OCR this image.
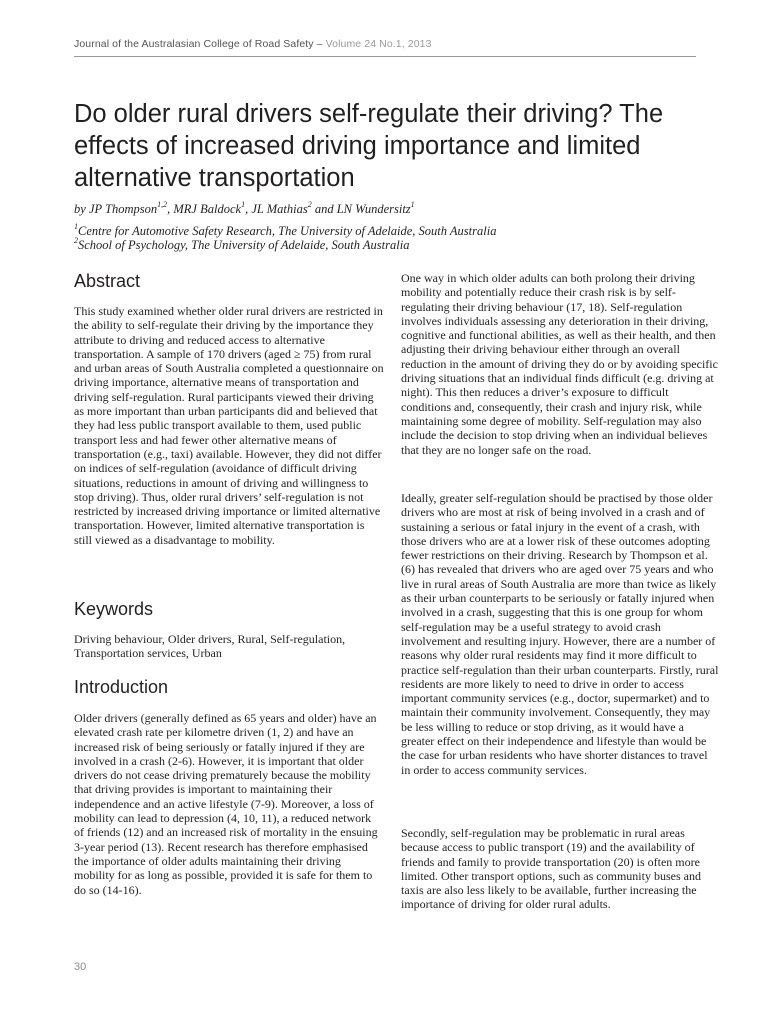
Journal of the Australasian College of Road Safety – Volume 24 No.1, 2013
Do older rural drivers self-regulate their driving? The effects of increased driving importance and limited alternative transportation
by JP Thompson$^{1,2}$, MRJ Baldock$^1$, JL Mathias$^2$ and LN Wundersitz$^1$
$^1$Centre for Automotive Safety Research, The University of Adelaide, South Australia
$^2$School of Psychology, The University of Adelaide, South Australia
Abstract

This study examined whether older rural drivers are restricted in the ability to self-regulate their driving by the importance they attribute to driving and reduced access to alternative transportation. A sample of 170 drivers (aged ≥ 75) from rural and urban areas of South Australia completed a questionnaire on driving importance, alternative means of transportation and driving self-regulation. Rural participants viewed their driving as more important than urban participants did and believed that they had less public transport available to them, used public transport less and had fewer other alternative means of transportation (e.g., taxi) available. However, they did not differ on indices of self-regulation (avoidance of difficult driving situations, reductions in amount of driving and willingness to stop driving). Thus, older rural drivers’ self-regulation is not restricted by increased driving importance or limited alternative transportation. However, limited alternative transportation is still viewed as a disadvantage to mobility.

Keywords

Driving behaviour, Older drivers, Rural, Self-regulation, Transportation services, Urban

Introduction

Older drivers (generally defined as 65 years and older) have an elevated crash rate per kilometre driven (1, 2) and have an increased risk of being seriously or fatally injured if they are involved in a crash (2-6). However, it is important that older drivers do not cease driving prematurely because the mobility that driving provides is important to maintaining their independence and an active lifestyle (7-9). Moreover, a loss of mobility can lead to depression (4, 10, 11), a reduced network of friends (12) and an increased risk of mortality in the ensuing 3-year period (13). Recent research has therefore emphasised the importance of older adults maintaining their driving mobility for as long as possible, provided it is safe for them to do so (14-16).

One way in which older adults can both prolong their driving mobility and potentially reduce their crash risk is by self-regulating their driving behaviour (17, 18). Self-regulation involves individuals assessing any deterioration in their driving, cognitive and functional abilities, as well as their health, and then adjusting their driving behaviour either through an overall reduction in the amount of driving they do or by avoiding specific driving situations that an individual finds difficult (e.g. driving at night). This then reduces a driver’s exposure to difficult conditions and, consequently, their crash and injury risk, while maintaining some degree of mobility. Self-regulation may also include the decision to stop driving when an individual believes that they are no longer safe on the road.

Ideally, greater self-regulation should be practised by those older drivers who are most at risk of being involved in a crash and of sustaining a serious or fatal injury in the event of a crash, with those drivers who are at a lower risk of these outcomes adopting fewer restrictions on their driving. Research by Thompson et al. (6) has revealed that drivers who are aged over 75 years and who live in rural areas of South Australia are more than twice as likely as their urban counterparts to be seriously or fatally injured when involved in a crash, suggesting that this is one group for whom self-regulation may be a useful strategy to avoid crash involvement and resulting injury. However, there are a number of reasons why older rural residents may find it more difficult to practice self-regulation than their urban counterparts. Firstly, rural residents are more likely to need to drive in order to access important community services (e.g., doctor, supermarket) and to maintain their community involvement. Consequently, they may be less willing to reduce or stop driving, as it would have a greater effect on their independence and lifestyle than would be the case for urban residents who have shorter distances to travel in order to access community services.

Secondly, self-regulation may be problematic in rural areas because access to public transport (19) and the availability of friends and family to provide transportation (20) is often more limited. Other transport options, such as community buses and taxis are also less likely to be available, further increasing the importance of driving for older rural adults.

30
